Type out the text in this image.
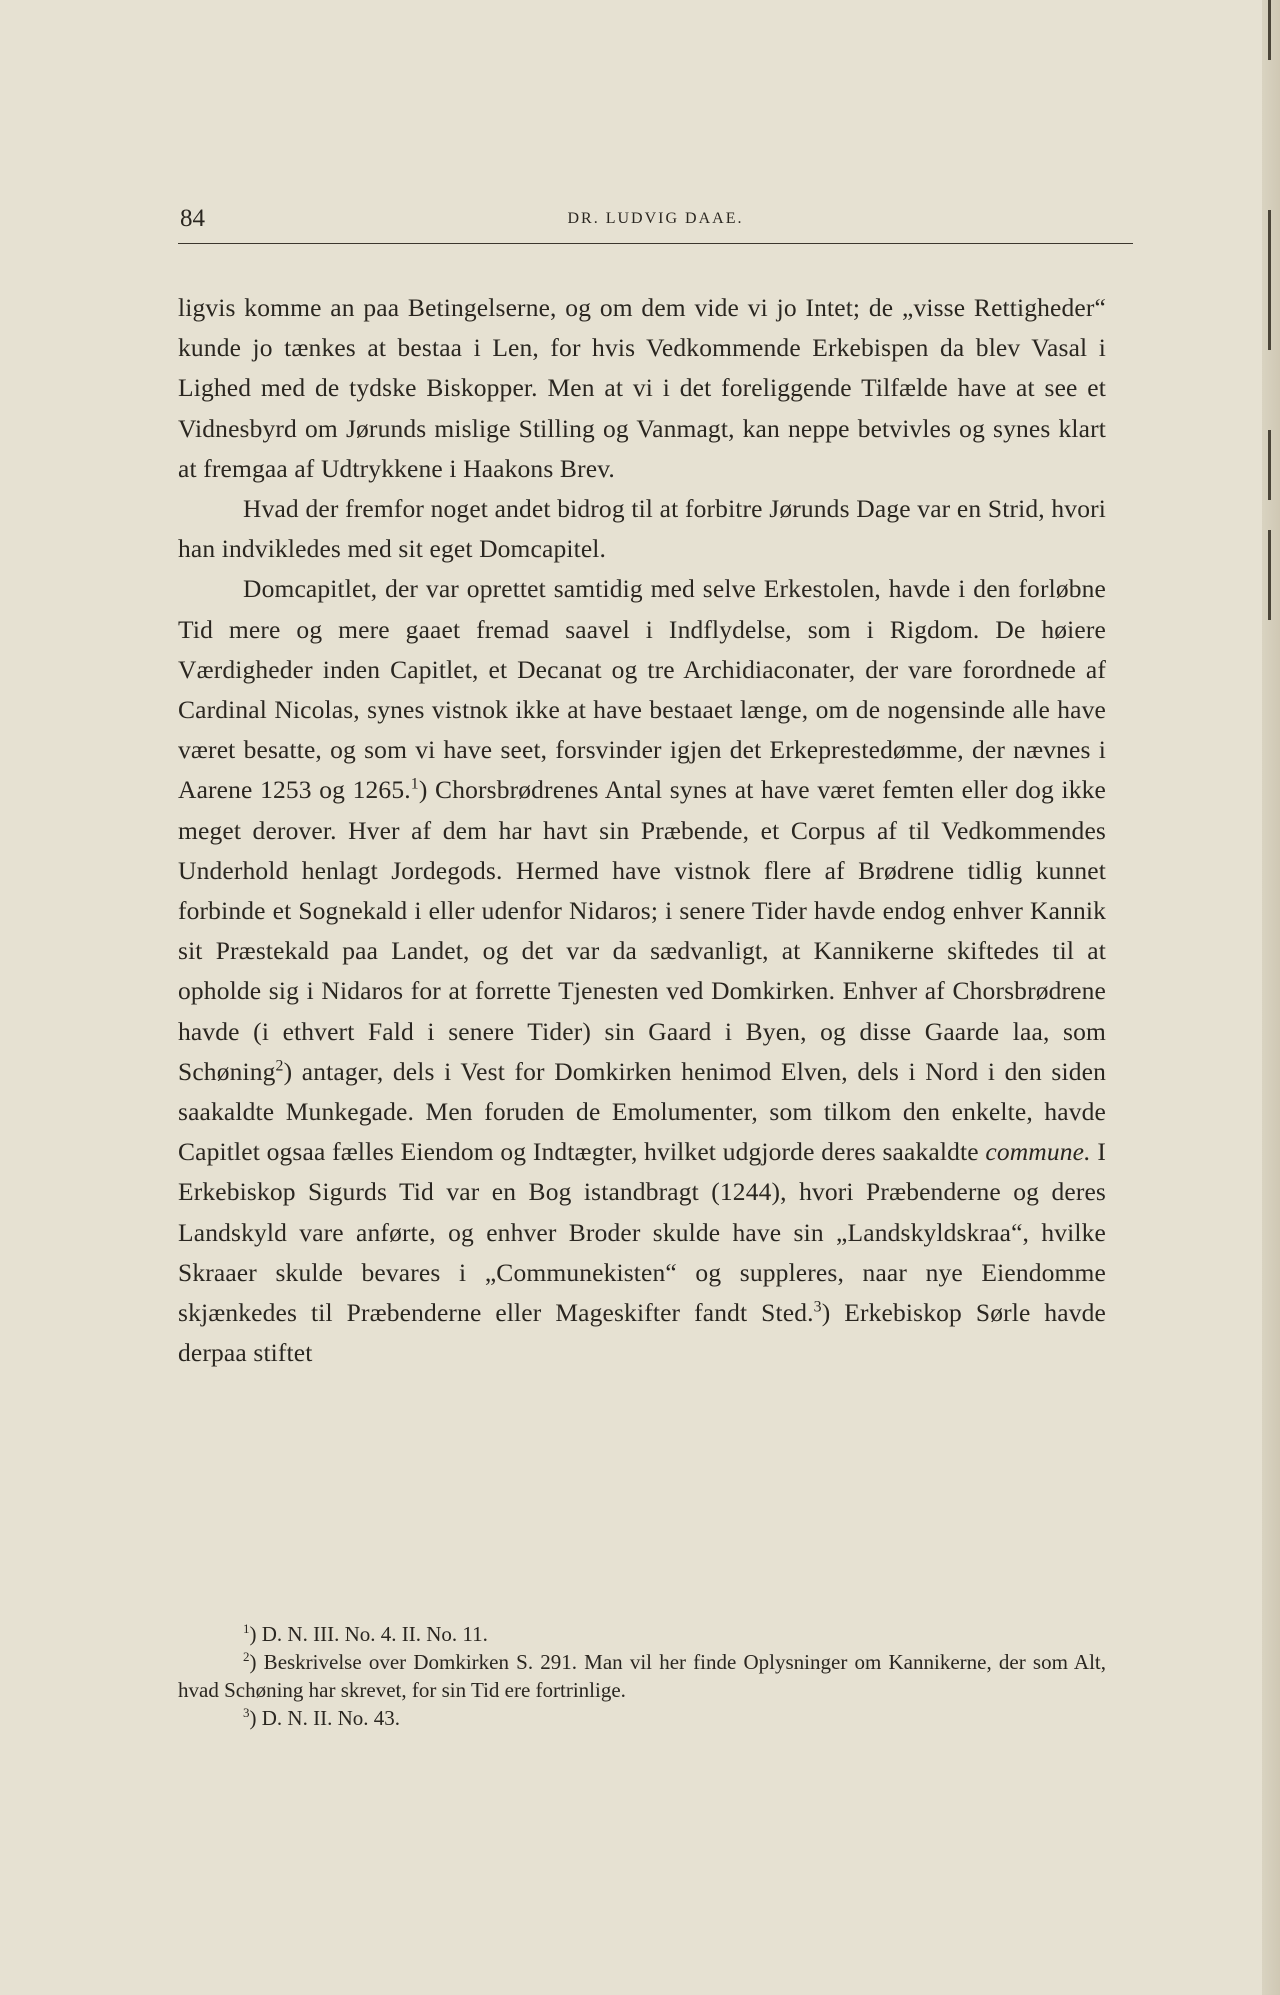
84	DR. LUDVIG DAAE.

ligvis komme an paa Betingelserne, og om dem vide vi jo Intet; de „visse Rettigheder“ kunde jo tænkes at bestaa i Len, for hvis Vedkommende Erkebispen da blev Vasal i Lighed med de tydske Biskopper. Men at vi i det foreliggende Tilfælde have at see et Vidnesbyrd om Jørunds mislige Stilling og Vanmagt, kan neppe betvivles og synes klart at fremgaa af Udtrykkene i Haakons Brev.

Hvad der fremfor noget andet bidrog til at forbitre Jørunds Dage var en Strid, hvori han indvikledes med sit eget Domcapitel.

Domcapitlet, der var oprettet samtidig med selve Erkestolen, havde i den forløbne Tid mere og mere gaaet fremad saavel i Indflydelse, som i Rigdom. De høiere Værdigheder inden Capitlet, et Decanat og tre Archidiaconater, der vare forordnede af Cardinal Nicolas, synes vistnok ikke at have bestaaet længe, om de nogensinde alle have været besatte, og som vi have seet, forsvinder igjen det Erkeprestedømme, der nævnes i Aarene 1253 og 1265.$^1$) Chorsbrødrenes Antal synes at have været femten eller dog ikke meget derover. Hver af dem har havt sin Præbende, et Corpus af til Vedkommendes Underhold henlagt Jordegods. Hermed have vistnok flere af Brødrene tidlig kunnet forbinde et Sognekald i eller udenfor Nidaros; i senere Tider havde endog enhver Kannik sit Præstekald paa Landet, og det var da sædvanligt, at Kannikerne skiftedes til at opholde sig i Nidaros for at forrette Tjenesten ved Domkirken. Enhver af Chorsbrødrene havde (i ethvert Fald i senere Tider) sin Gaard i Byen, og disse Gaarde laa, som Schøning$^2$) antager, dels i Vest for Domkirken henimod Elven, dels i Nord i den siden saakaldte Munkegade. Men foruden de Emolumenter, som tilkom den enkelte, havde Capitlet ogsaa fælles Eiendom og Indtægter, hvilket udgjorde deres saakaldte commune. I Erkebiskop Sigurds Tid var en Bog istandbragt (1244), hvori Præbenderne og deres Landskyld vare anførte, og enhver Broder skulde have sin „Landskyldskraa“, hvilke Skraaer skulde bevares i „Communekisten“ og suppleres, naar nye Eiendomme skjænkedes til Præbenderne eller Mageskifter fandt Sted.$^3$) Erkebiskop Sørle havde derpaa stiftet

$^1$) D. N. III. No. 4. II. No. 11.

$^2$) Beskrivelse over Domkirken S. 291. Man vil her finde Oplysninger om Kannikerne, der som Alt, hvad Schøning har skrevet, for sin Tid ere fortrinlige.

$^3$) D. N. II. No. 43.
